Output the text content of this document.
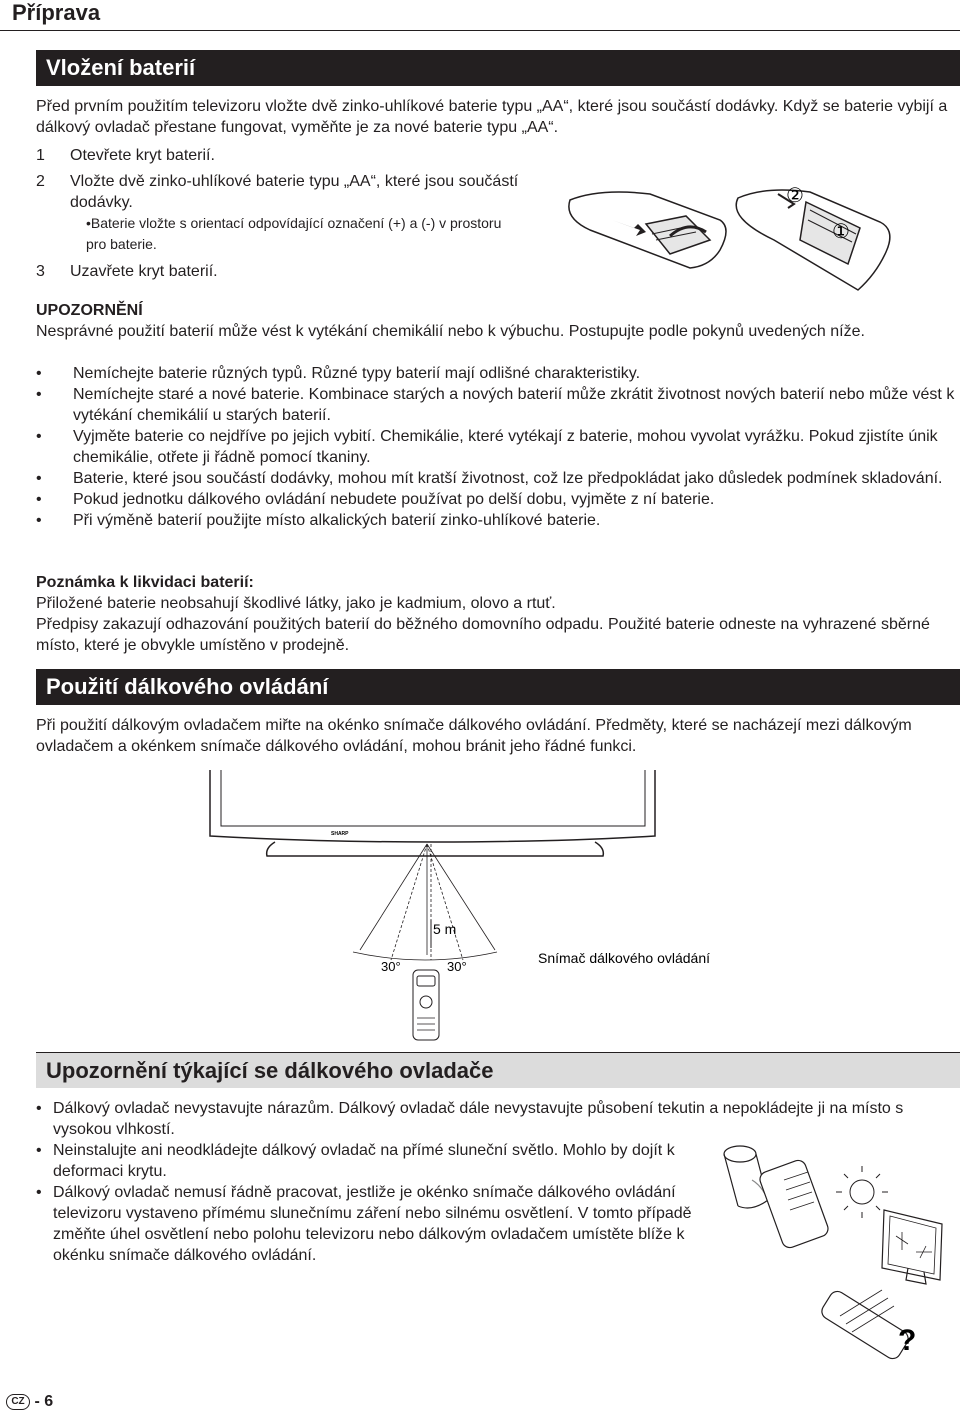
Příprava
Vložení baterií
Před prvním použitím televizoru vložte dvě zinko-uhlíkové baterie typu „AA“, které jsou součástí dodávky. Když se baterie vybijí a dálkový ovladač přestane fungovat, vyměňte je za nové baterie typu „AA“.
1 Otevřete kryt baterií.
2 Vložte dvě zinko-uhlíkové baterie typu „AA“, které jsou součástí dodávky.
•Baterie vložte s orientací odpovídající označení (+) a (-) v prostoru pro baterie.
3 Uzavřete kryt baterií.
②
①
UPOZORNĚNÍ
Nesprávné použití baterií může vést k vytékání chemikálií nebo k výbuchu. Postupujte podle pokynů uvedených níže.
• Nemíchejte baterie různých typů. Různé typy baterií mají odlišné charakteristiky.
• Nemíchejte staré a nové baterie. Kombinace starých a nových baterií může zkrátit životnost nových baterií nebo může vést k vytékání chemikálií u starých baterií.
• Vyjměte baterie co nejdříve po jejich vybití. Chemikálie, které vytékají z baterie, mohou vyvolat vyrážku. Pokud zjistíte únik chemikálie, otřete ji řádně pomocí tkaniny.
• Baterie, které jsou součástí dodávky, mohou mít kratší životnost, což lze předpokládat jako důsledek podmínek skladování.
• Pokud jednotku dálkového ovládání nebudete používat po delší dobu, vyjměte z ní baterie.
• Při výměně baterií použijte místo alkalických baterií zinko-uhlíkové baterie.
Poznámka k likvidaci baterií:
Přiložené baterie neobsahují škodlivé látky, jako je kadmium, olovo a rtuť.
Předpisy zakazují odhazování použitých baterií do běžného domovního odpadu. Použité baterie odneste na vyhrazené sběrné místo, které je obvykle umístěno v prodejně.
Použití dálkového ovládání
Při použití dálkovým ovladačem miřte na okénko snímače dálkového ovládání. Předměty, které se nacházejí mezi dálkovým ovladačem a okénkem snímače dálkového ovládání, mohou bránit jeho řádné funkci.
SHARP
5 m
30°	30°
Snímač dálkového ovládání
Upozornění týkající se dálkového ovladače
• Dálkový ovladač nevystavujte nárazům. Dálkový ovladač dále nevystavujte působení tekutin a nepokládejte ji na místo s vysokou vlhkostí.
• Neinstalujte ani neodkládejte dálkový ovladač na přímé sluneční světlo. Mohlo by dojít k deformaci krytu.
• Dálkový ovladač nemusí řádně pracovat, jestliže je okénko snímače dálkového ovládání televizoru vystaveno přímému slunečnímu záření nebo silnému osvětlení. V tomto případě změňte úhel osvětlení nebo polohu televizoru nebo dálkovým ovladačem umístěte blíže k okénku snímače dálkového ovládání.
?
CZ - 6
